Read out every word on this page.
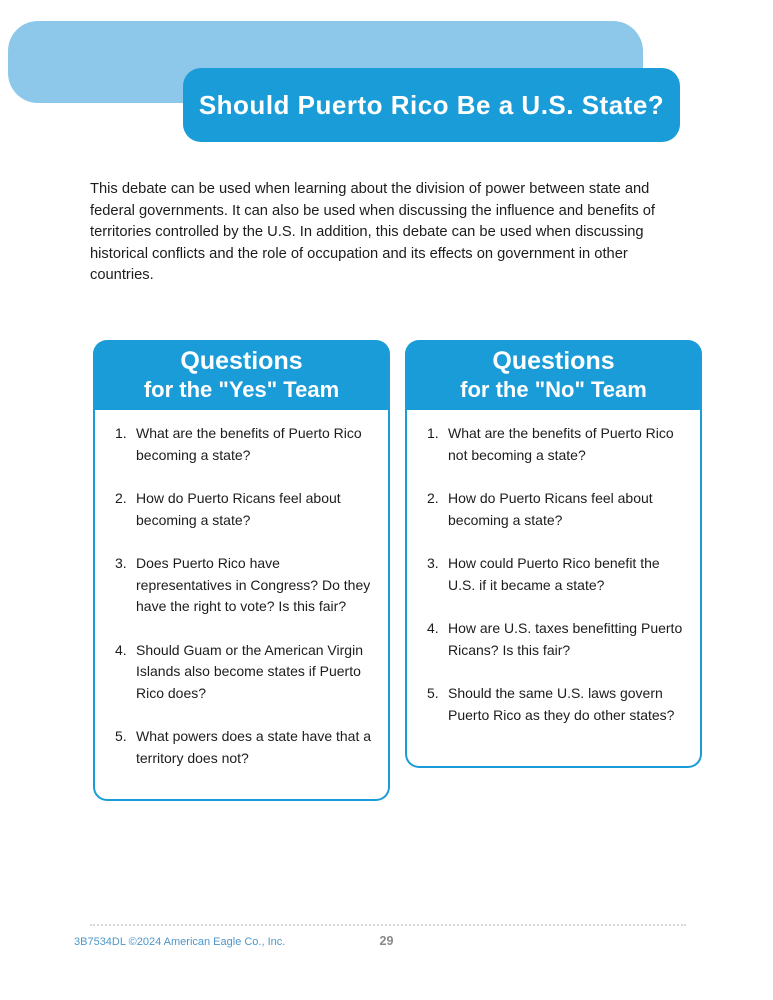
Should Puerto Rico Be a U.S. State?

This debate can be used when learning about the division of power between state and federal governments. It can also be used when discussing the influence and benefits of territories controlled by the U.S. In addition, this debate can be used when discussing historical conflicts and the role of occupation and its effects on government in other countries.

Questions
for the "Yes" Team
What are the benefits of Puerto Rico becoming a state?
How do Puerto Ricans feel about becoming a state?
Does Puerto Rico have representatives in Congress? Do they have the right to vote? Is this fair?
Should Guam or the American Virgin Islands also become states if Puerto Rico does?
What powers does a state have that a territory does not?
Questions
for the "No" Team
What are the benefits of Puerto Rico not becoming a state?
How do Puerto Ricans feel about becoming a state?
How could Puerto Rico benefit the U.S. if it became a state?
How are U.S. taxes benefitting Puerto Ricans? Is this fair?
Should the same U.S. laws govern Puerto Rico as they do other states?
3B7534DL ©2024 American Eagle Co., Inc.	29
